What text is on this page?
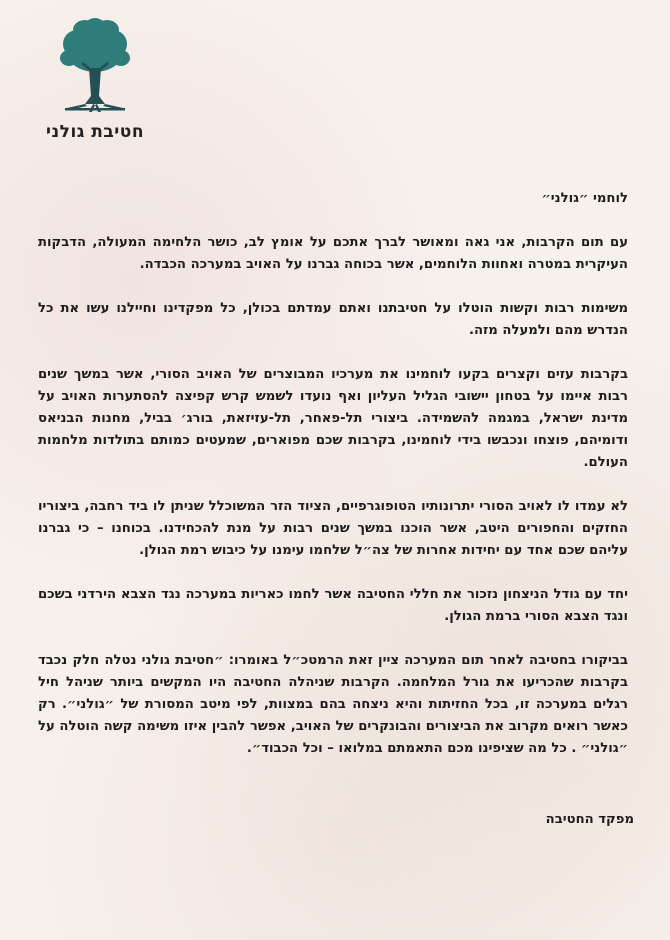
חטיבת גולני

לוחמי ״גולני״

עם תום הקרבות, אני גאה ומאושר לברך אתכם על אומץ לב, כושר הלחימה המעולה, הדבקות העיקרית במטרה ואחוות הלוחמים, אשר בכוחה גברנו על האויב במערכה הכבדה.

משימות רבות וקשות הוטלו על חטיבתנו ואתם עמדתם בכולן, כל מפקדינו וחיילנו עשו את כל הנדרש מהם ולמעלה מזה.

בקרבות עזים וקצרים בקעו לוחמינו את מערכיו המבוצרים של האויב הסורי, אשר במשך שנים רבות איימו על בטחון יישובי הגליל העליון ואף נועדו לשמש קרש קפיצה להסתערות האויב על מדינת ישראל, במגמה להשמידה. ביצורי תל-פאחר, תל-עזיזאת, בורג׳ בביל, מחנות הבניאס ודומיהם, פוצחו ונכבשו בידי לוחמינו, בקרבות שכם מפוארים, שמעטים כמותם בתולדות מלחמות העולם.

לא עמדו לו לאויב הסורי יתרונותיו הטופוגרפיים, הציוד הזר המשוכלל שניתן לו ביד רחבה, ביצוריו החזקים והחפורים היטב, אשר הוכנו במשך שנים רבות על מנת להכחידנו. בכוחנו – כי גברנו עליהם שכם אחד עם יחידות אחרות של צה״ל שלחמו עימנו על כיבוש רמת הגולן.

יחד עם גודל הניצחון נזכור את חללי החטיבה אשר לחמו כאריות במערכה נגד הצבא הירדני בשכם ונגד הצבא הסורי ברמת הגולן.

בביקורו בחטיבה לאחר תום המערכה ציין זאת הרמטכ״ל באומרו: ״חטיבת גולני נטלה חלק נכבד בקרבות שהכריעו את גורל המלחמה. הקרבות שניהלה החטיבה היו המקשים ביותר שניהל חיל רגלים במערכה זו, בכל החזיתות והיא ניצחה בהם במצוות, לפי מיטב המסורת של ״גולני״. רק כאשר רואים מקרוב את הביצורים והבונקרים של האויב, אפשר להבין איזו משימה קשה הוטלה על ״גולני״ . כל מה שציפינו מכם התאמתם במלואו – וכל הכבוד״.

מפקד החטיבה
